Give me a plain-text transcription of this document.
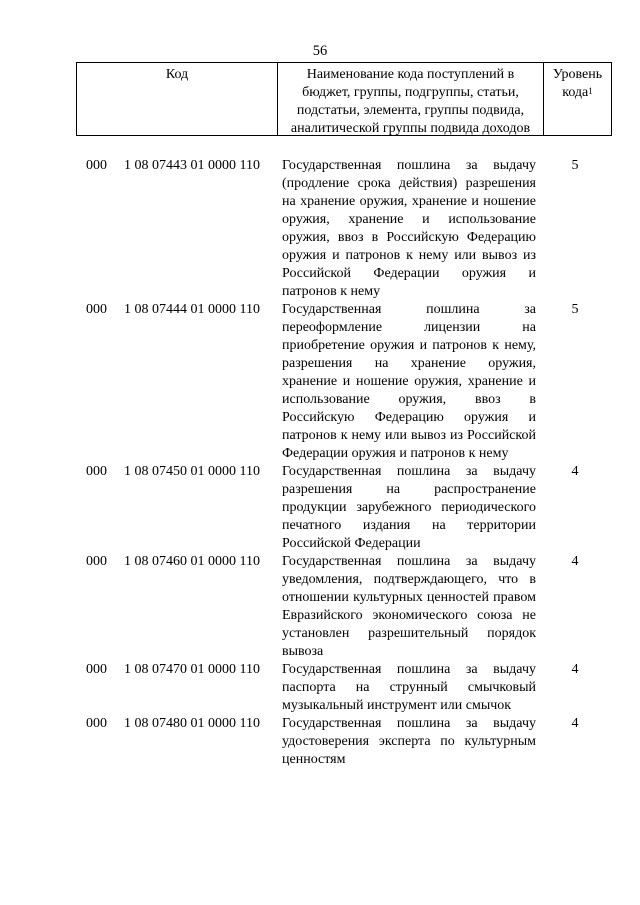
56
Код	Наименование кода поступлений в бюджет, группы, подгруппы, статьи, подстатьи, элемента, группы подвида, аналитической группы подвида доходов
Уровень кода$^1$
000 1 08 07443 01 0000 110 Государственная пошлина за выдачу (продление срока действия) разрешения на хранение оружия, хранение и ношение оружия, хранение и использование оружия, ввоз в Российскую Федерацию оружия и патронов к нему или вывоз из Российской Федерации оружия и патронов к нему
5
000 1 08 07444 01 0000 110 Государственная пошлина за переоформление лицензии на приобретение оружия и патронов к нему, разрешения на хранение оружия, хранение и ношение оружия, хранение и использование оружия, ввоз в Российскую Федерацию оружия и патронов к нему или вывоз из Российской Федерации оружия и патронов к нему
5
000 1 08 07450 01 0000 110 Государственная пошлина за выдачу разрешения на распространение продукции зарубежного периодического печатного издания на территории Российской Федерации
4
000 1 08 07460 01 0000 110 Государственная пошлина за выдачу уведомления, подтверждающего, что в отношении культурных ценностей правом Евразийского экономического союза не установлен разрешительный порядок вывоза
4
000 1 08 07470 01 0000 110 Государственная пошлина за выдачу паспорта на струнный смычковый музыкальный инструмент или смычок
4
000 1 08 07480 01 0000 110 Государственная пошлина за выдачу удостоверения эксперта по культурным ценностям
4
